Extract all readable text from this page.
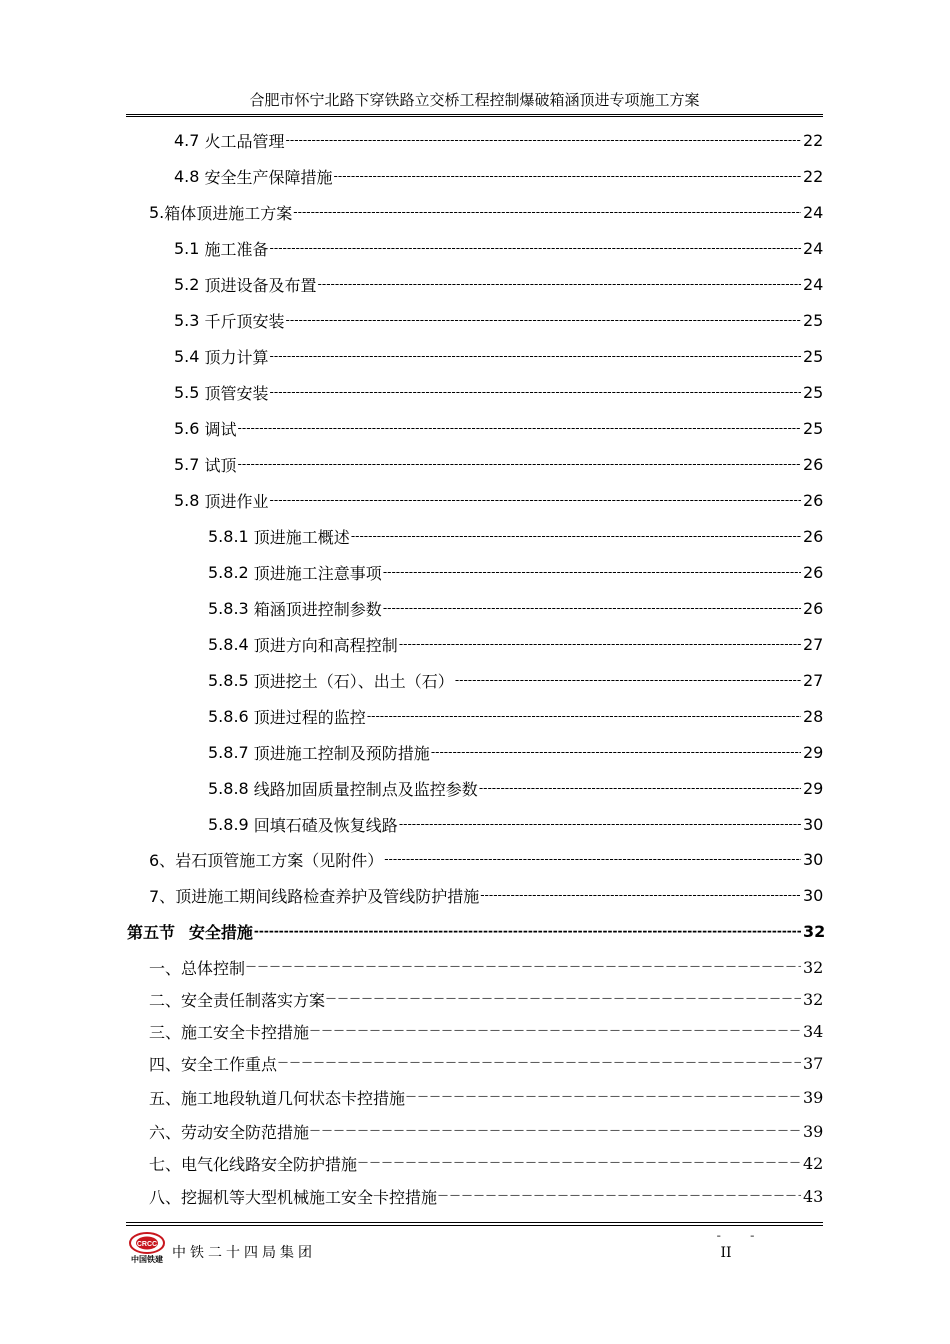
合肥市怀宁北路下穿铁路立交桥工程控制爆破箱涵顶进专项施工方案
4.7 火工品管理 -----	22
4.8 安全生产保障措施 -----	22
5. 箱体顶进施工方案 -----	24
5.1 施工准备 -----	24
5.2 顶进设备及布置 -----	24
5.3 千斤顶安装 -----	25
5.4 顶力计算 -----	25
5.5 顶管安装 -----	25
5.6 调试 -----	25
5.7 试顶 -----	26
5.8 顶进作业 -----	26
5.8.1 顶进施工概述 -----	26
5.8.2 顶进施工注意事项 -----	26
5.8.3 箱涵顶进控制参数 -----	26
5.8.4 顶进方向和高程控制 -----	27
5.8.5 顶进挖土（石）、出土（石） -----	27
5.8.6 顶进过程的监控 -----	28
5.8.7 顶进施工控制及预防措施 -----	29
5.8.8 线路加固质量控制点及监控参数 -----	29
5.8.9 回填石碴及恢复线路 -----	30
6、 岩石顶管施工方案（见附件） -----	30
7、 顶进施工期间线路检查养护及管线防护措施 -----	30
第五节 安全措施 -----	32
一、 总体控制 —————	32
二、 安全责任制落实方案 —————	32
三、 施工安全卡控措施 —————	34
四、 安全工作重点 —————	37
五、 施工地段轨道几何状态卡控措施 —————	39
六、 劳动安全防范措施 —————	39
七、 电气化线路安全防护措施 —————	42
八、 挖掘机等大型机械施工安全卡控措施 —————	43
CRCC
中国铁建 中铁二十四局集团
¯¯
II
